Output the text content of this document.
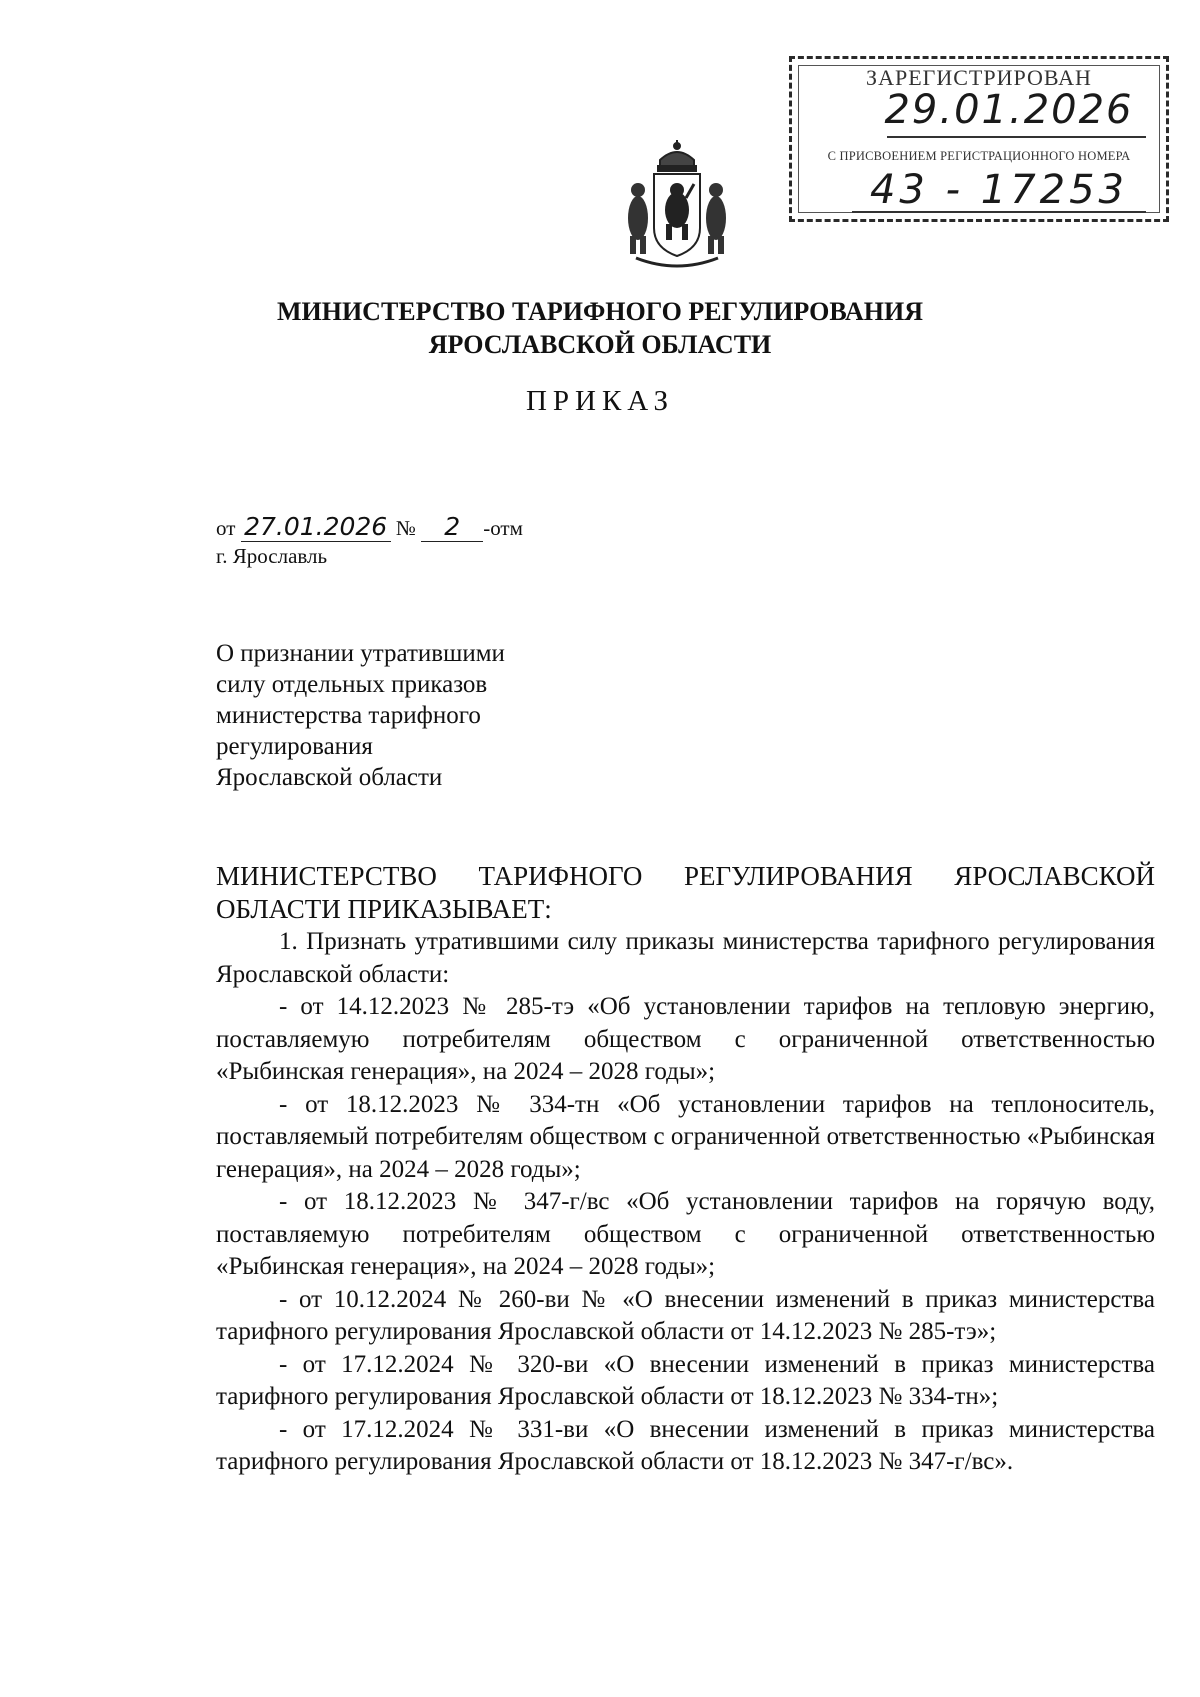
ЗАРЕГИСТРИРОВАН
29.01.2026
С ПРИСВОЕНИЕМ РЕГИСТРАЦИОННОГО НОМЕРА
43 - 17253
МИНИСТЕРСТВО ТАРИФНОГО РЕГУЛИРОВАНИЯ
ЯРОСЛАВСКОЙ ОБЛАСТИ
ПРИКАЗ
от 27.01.2026 № 2 -отм
г. Ярославль
О признании утратившими
силу отдельных приказов
министерства тарифного
регулирования
Ярославской области

МИНИСТЕРСТВО ТАРИФНОГО РЕГУЛИРОВАНИЯ ЯРОСЛАВСКОЙ ОБЛАСТИ ПРИКАЗЫВАЕТ:

1. Признать утратившими силу приказы министерства тарифного регулирования Ярославской области:

- от 14.12.2023 № 285-тэ «Об установлении тарифов на тепловую энергию, поставляемую потребителям обществом с ограниченной ответственностью «Рыбинская генерация», на 2024 – 2028 годы»;

- от 18.12.2023 № 334-тн «Об установлении тарифов на теплоноситель, поставляемый потребителям обществом с ограниченной ответственностью «Рыбинская генерация», на 2024 – 2028 годы»;

- от 18.12.2023 № 347-г/вс «Об установлении тарифов на горячую воду, поставляемую потребителям обществом с ограниченной ответственностью «Рыбинская генерация», на 2024 – 2028 годы»;

- от 10.12.2024 № 260-ви № «О внесении изменений в приказ министерства тарифного регулирования Ярославской области от 14.12.2023 № 285-тэ»;

- от 17.12.2024 № 320-ви «О внесении изменений в приказ министерства тарифного регулирования Ярославской области от 18.12.2023 № 334-тн»;

- от 17.12.2024 № 331-ви «О внесении изменений в приказ министерства тарифного регулирования Ярославской области от 18.12.2023 № 347-г/вс».
